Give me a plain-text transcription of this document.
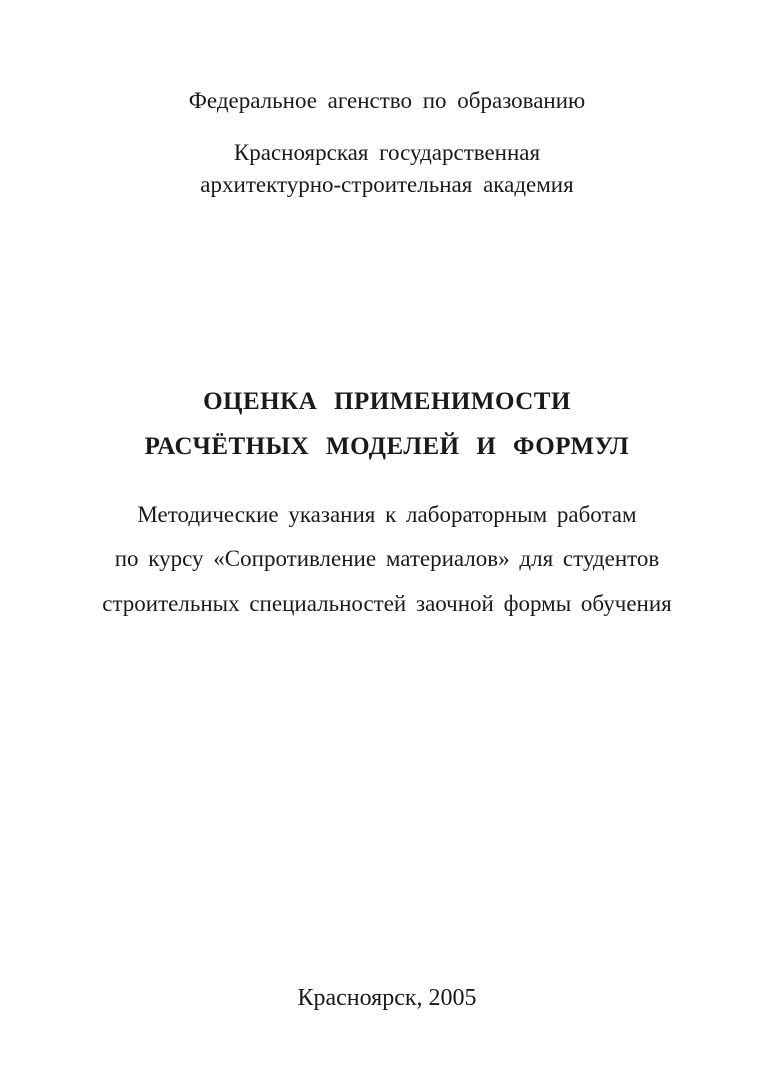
Федеральное агенство по образованию
Красноярская государственная
архитектурно-строительная академия
ОЦЕНКА ПРИМЕНИМОСТИ
РАСЧЁТНЫХ МОДЕЛЕЙ И ФОРМУЛ
Методические указания к лабораторным работам
по курсу «Сопротивление материалов» для студентов
строительных специальностей заочной формы обучения
Красноярск, 2005
